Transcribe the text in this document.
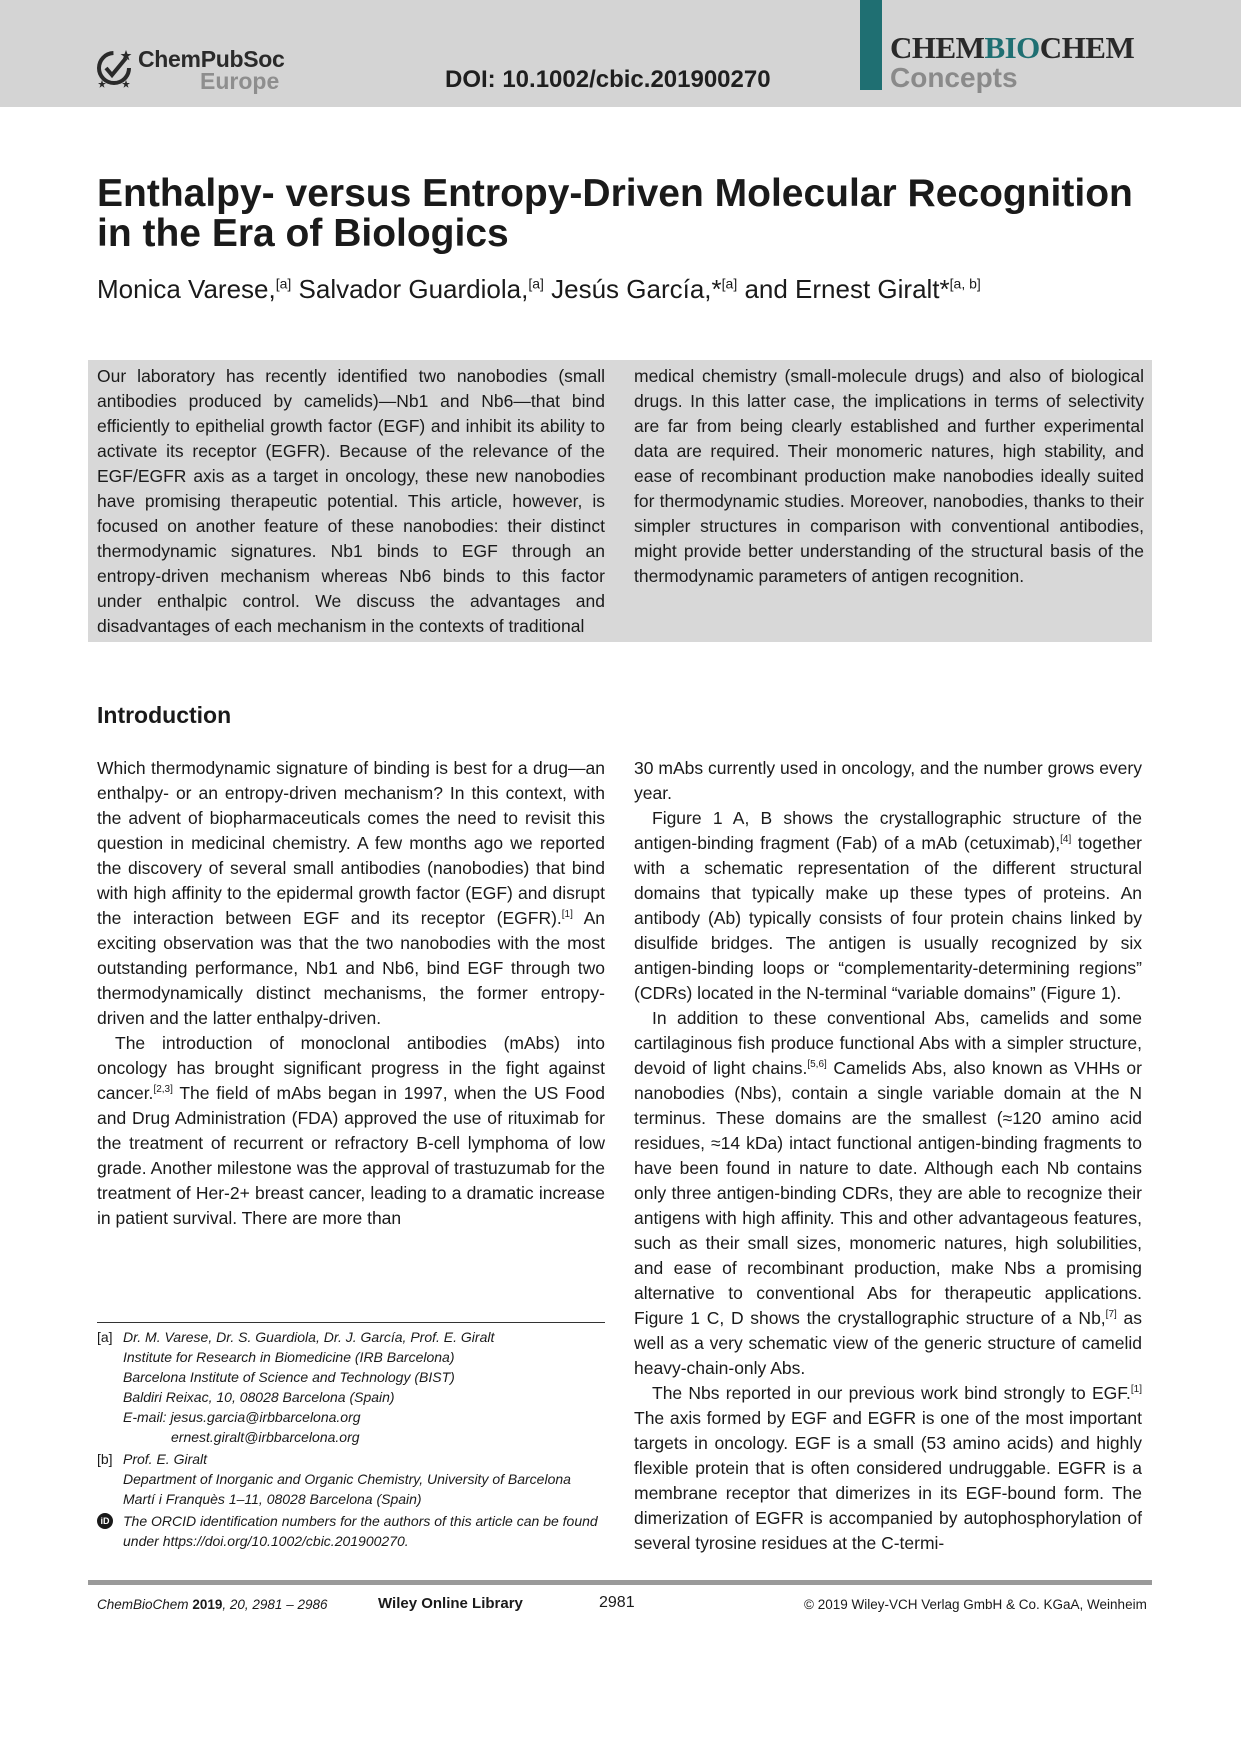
ChemPubSoc
Europe	DOI: 10.1002/cbic.201900270
CHEMBIOCHEM
Concepts
Enthalpy- versus Entropy-Driven Molecular Recognition in the Era of Biologics
Monica Varese,[a] Salvador Guardiola,[a] Jesús García,*[a] and Ernest Giralt*[a, b]

Our laboratory has recently identified two nanobodies (small antibodies produced by camelids)—Nb1 and Nb6—that bind efficiently to epithelial growth factor (EGF) and inhibit its ability to activate its receptor (EGFR). Because of the relevance of the EGF/EGFR axis as a target in oncology, these new nanobodies have promising therapeutic potential. This article, however, is focused on another feature of these nanobodies: their distinct thermodynamic signatures. Nb1 binds to EGF through an entropy-driven mechanism whereas Nb6 binds to this factor under enthalpic control. We discuss the advantages and disadvantages of each mechanism in the contexts of traditional

medical chemistry (small-molecule drugs) and also of biological drugs. In this latter case, the implications in terms of selectivity are far from being clearly established and further experimental data are required. Their monomeric natures, high stability, and ease of recombinant production make nanobodies ideally suited for thermodynamic studies. Moreover, nanobodies, thanks to their simpler structures in comparison with conventional antibodies, might provide better understanding of the structural basis of the thermodynamic parameters of antigen recognition.

Introduction

Which thermodynamic signature of binding is best for a drug—an enthalpy- or an entropy-driven mechanism? In this context, with the advent of biopharmaceuticals comes the need to revisit this question in medicinal chemistry. A few months ago we reported the discovery of several small antibodies (nanobodies) that bind with high affinity to the epidermal growth factor (EGF) and disrupt the interaction between EGF and its receptor (EGFR).[1] An exciting observation was that the two nanobodies with the most outstanding performance, Nb1 and Nb6, bind EGF through two thermodynamically distinct mechanisms, the former entropy-driven and the latter enthalpy-driven.

The introduction of monoclonal antibodies (mAbs) into oncology has brought significant progress in the fight against cancer.[2,3] The field of mAbs began in 1997, when the US Food and Drug Administration (FDA) approved the use of rituximab for the treatment of recurrent or refractory B-cell lymphoma of low grade. Another milestone was the approval of trastuzumab for the treatment of Her-2+ breast cancer, leading to a dramatic increase in patient survival. There are more than

30 mAbs currently used in oncology, and the number grows every year.

Figure 1 A, B shows the crystallographic structure of the antigen-binding fragment (Fab) of a mAb (cetuximab),[4] together with a schematic representation of the different structural domains that typically make up these types of proteins. An antibody (Ab) typically consists of four protein chains linked by disulfide bridges. The antigen is usually recognized by six antigen-binding loops or “complementarity-determining regions” (CDRs) located in the N-terminal “variable domains” (Figure 1).

In addition to these conventional Abs, camelids and some cartilaginous fish produce functional Abs with a simpler structure, devoid of light chains.[5,6] Camelids Abs, also known as VHHs or nanobodies (Nbs), contain a single variable domain at the N terminus. These domains are the smallest (≈120 amino acid residues, ≈14 kDa) intact functional antigen-binding fragments to have been found in nature to date. Although each Nb contains only three antigen-binding CDRs, they are able to recognize their antigens with high affinity. This and other advantageous features, such as their small sizes, monomeric natures, high solubilities, and ease of recombinant production, make Nbs a promising alternative to conventional Abs for therapeutic applications. Figure 1 C, D shows the crystallographic structure of a Nb,[7] as well as a very schematic view of the generic structure of camelid heavy-chain-only Abs.

The Nbs reported in our previous work bind strongly to EGF.[1] The axis formed by EGF and EGFR is one of the most important targets in oncology. EGF is a small (53 amino acids) and highly flexible protein that is often considered undruggable. EGFR is a membrane receptor that dimerizes in its EGF-bound form. The dimerization of EGFR is accompanied by autophosphorylation of several tyrosine residues at the C-termi-

[a] Dr. M. Varese, Dr. S. Guardiola, Dr. J. García, Prof. E. Giralt
Institute for Research in Biomedicine (IRB Barcelona)
Barcelona Institute of Science and Technology (BIST)
Baldiri Reixac, 10, 08028 Barcelona (Spain)
E-mail: jesus.garcia@irbbarcelona.org
ernest.giralt@irbbarcelona.org
[b] Prof. E. Giralt
Department of Inorganic and Organic Chemistry, University of Barcelona
Martí i Franquès 1–11, 08028 Barcelona (Spain)
iD The ORCID identification numbers for the authors of this article can be found under https://doi.org/10.1002/cbic.201900270.
ChemBioChem 2019, 20, 2981 – 2986	Wiley Online Library	2981	© 2019 Wiley-VCH Verlag GmbH & Co. KGaA, Weinheim
